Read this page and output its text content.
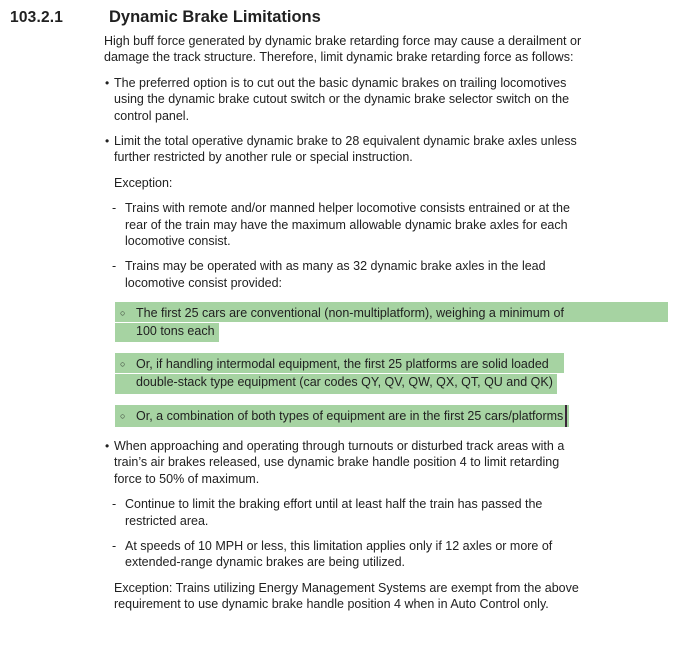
103.2.1	Dynamic Brake Limitations
High buff force generated by dynamic brake retarding force may cause a derailment or
damage the track structure. Therefore, limit dynamic brake retarding force as follows:
• The preferred option is to cut out the basic dynamic brakes on trailing locomotives
using the dynamic brake cutout switch or the dynamic brake selector switch on the
control panel.
• Limit the total operative dynamic brake to 28 equivalent dynamic brake axles unless
further restricted by another rule or special instruction.
Exception:
- Trains with remote and/or manned helper locomotive consists entrained or at the
rear of the train may have the maximum allowable dynamic brake axles for each
locomotive consist.
- Trains may be operated with as many as 32 dynamic brake axles in the lead
locomotive consist provided:
○ The first 25 cars are conventional (non-multiplatform), weighing a minimum of
100 tons each
○ Or, if handling intermodal equipment, the first 25 platforms are solid loaded
double-stack type equipment (car codes QY, QV, QW, QX, QT, QU and QK)
○ Or, a combination of both types of equipment are in the first 25 cars/platforms
• When approaching and operating through turnouts or disturbed track areas with a
train’s air brakes released, use dynamic brake handle position 4 to limit retarding
force to 50% of maximum.
- Continue to limit the braking effort until at least half the train has passed the
restricted area.
- At speeds of 10 MPH or less, this limitation applies only if 12 axles or more of
extended-range dynamic brakes are being utilized.
Exception: Trains utilizing Energy Management Systems are exempt from the above
requirement to use dynamic brake handle position 4 when in Auto Control only.
